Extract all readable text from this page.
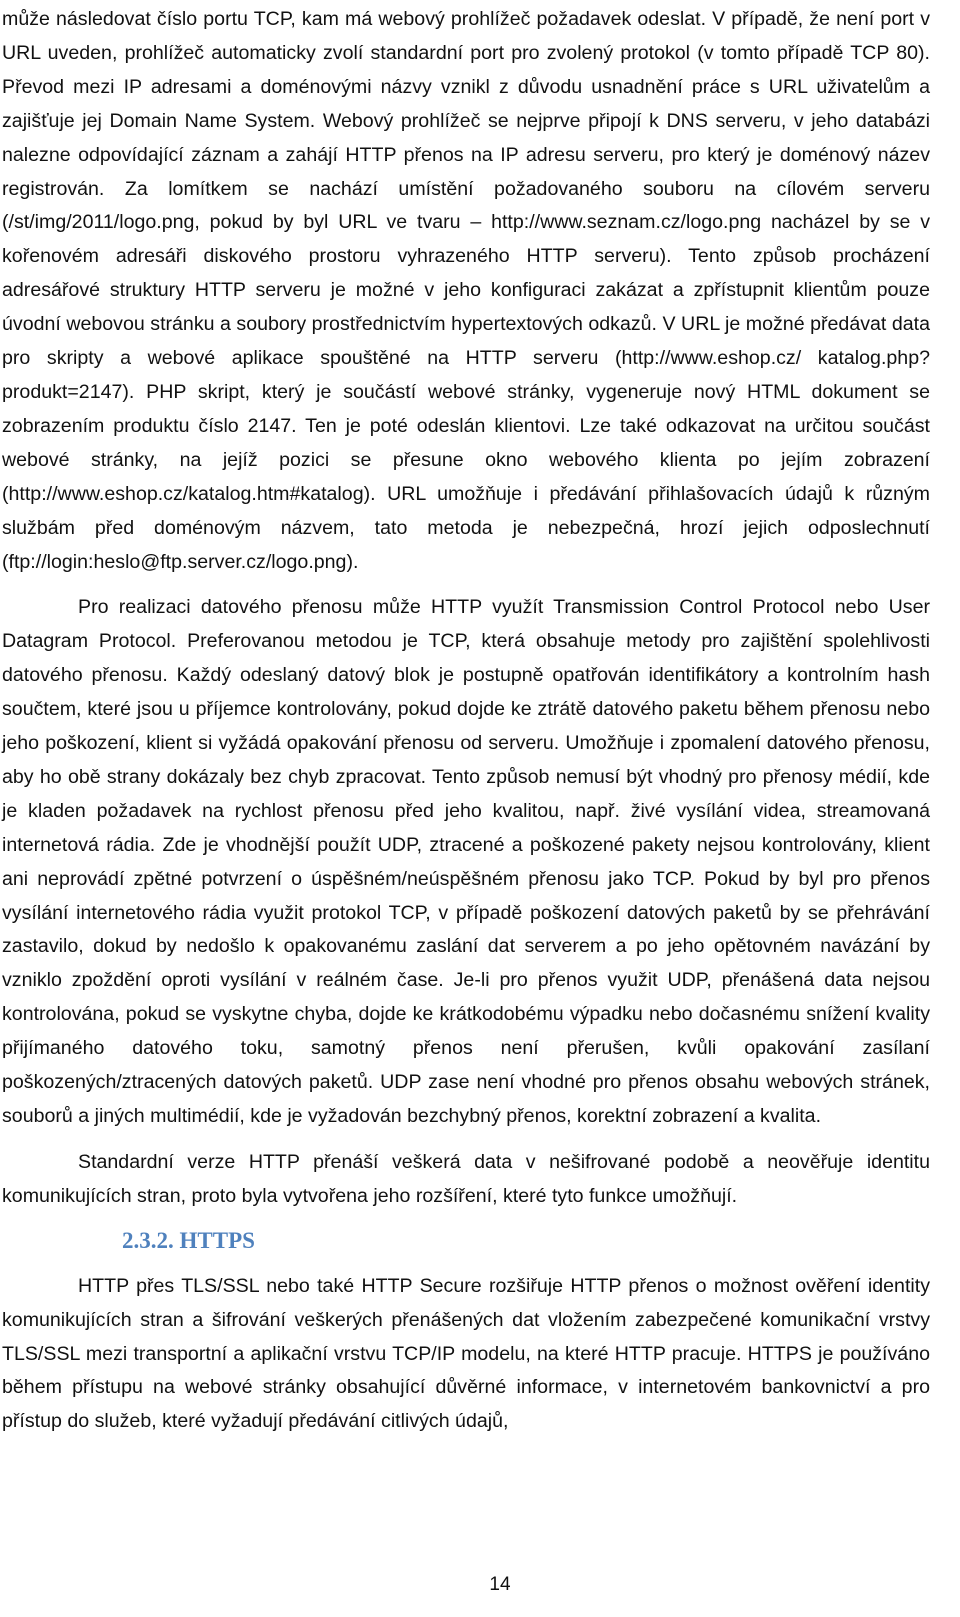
může následovat číslo portu TCP, kam má webový prohlížeč požadavek odeslat. V případě, že není port v URL uveden, prohlížeč automaticky zvolí standardní port pro zvolený protokol (v tomto případě TCP 80). Převod mezi IP adresami a doménovými názvy vznikl z důvodu usnadnění práce s URL uživatelům a zajišťuje jej Domain Name System. Webový prohlížeč se nejprve připojí k DNS serveru, v jeho databázi nalezne odpovídající záznam a zahájí HTTP přenos na IP adresu serveru, pro který je doménový název registrován. Za lomítkem se nachází umístění požadovaného souboru na cílovém serveru (/st/img/2011/logo.png, pokud by byl URL ve tvaru – http://www.seznam.cz/logo.png nacházel by se v kořenovém adresáři diskového prostoru vyhrazeného HTTP serveru). Tento způsob procházení adresářové struktury HTTP serveru je možné v jeho konfiguraci zakázat a zpřístupnit klientům pouze úvodní webovou stránku a soubory prostřednictvím hypertextových odkazů. V URL je možné předávat data pro skripty a webové aplikace spouštěné na HTTP serveru (http://www.eshop.cz/ katalog.php?produkt=2147). PHP skript, který je součástí webové stránky, vygeneruje nový HTML dokument se zobrazením produktu číslo 2147. Ten je poté odeslán klientovi. Lze také odkazovat na určitou součást webové stránky, na jejíž pozici se přesune okno webového klienta po jejím zobrazení (http://www.eshop.cz/katalog.htm#katalog). URL umožňuje i předávání přihlašovacích údajů k různým službám před doménovým názvem, tato metoda je nebezpečná, hrozí jejich odposlechnutí (ftp://login:heslo@ftp.server.cz/logo.png).

Pro realizaci datového přenosu může HTTP využít Transmission Control Protocol nebo User Datagram Protocol. Preferovanou metodou je TCP, která obsahuje metody pro zajištění spolehlivosti datového přenosu. Každý odeslaný datový blok je postupně opatřován identifikátory a kontrolním hash součtem, které jsou u příjemce kontrolovány, pokud dojde ke ztrátě datového paketu během přenosu nebo jeho poškození, klient si vyžádá opakování přenosu od serveru. Umožňuje i zpomalení datového přenosu, aby ho obě strany dokázaly bez chyb zpracovat. Tento způsob nemusí být vhodný pro přenosy médií, kde je kladen požadavek na rychlost přenosu před jeho kvalitou, např. živé vysílání videa, streamovaná internetová rádia. Zde je vhodnější použít UDP, ztracené a poškozené pakety nejsou kontrolovány, klient ani neprovádí zpětné potvrzení o úspěšném/neúspěšném přenosu jako TCP. Pokud by byl pro přenos vysílání internetového rádia využit protokol TCP, v případě poškození datových paketů by se přehrávání zastavilo, dokud by nedošlo k opakovanému zaslání dat serverem a po jeho opětovném navázání by vzniklo zpoždění oproti vysílání v reálném čase. Je-li pro přenos využit UDP, přenášená data nejsou kontrolována, pokud se vyskytne chyba, dojde ke krátkodobému výpadku nebo dočasnému snížení kvality přijímaného datového toku, samotný přenos není přerušen, kvůli opakování zasílaní poškozených/ztracených datových paketů. UDP zase není vhodné pro přenos obsahu webových stránek, souborů a jiných multimédií, kde je vyžadován bezchybný přenos, korektní zobrazení a kvalita.

Standardní verze HTTP přenáší veškerá data v nešifrované podobě a neověřuje identitu komunikujících stran, proto byla vytvořena jeho rozšíření, které tyto funkce umožňují.

2.3.2. HTTPS

HTTP přes TLS/SSL nebo také HTTP Secure rozšiřuje HTTP přenos o možnost ověření identity komunikujících stran a šifrování veškerých přenášených dat vložením zabezpečené komunikační vrstvy TLS/SSL mezi transportní a aplikační vrstvu TCP/IP modelu, na které HTTP pracuje. HTTPS je používáno během přístupu na webové stránky obsahující důvěrné informace, v internetovém bankovnictví a pro přístup do služeb, které vyžadují předávání citlivých údajů,

14
